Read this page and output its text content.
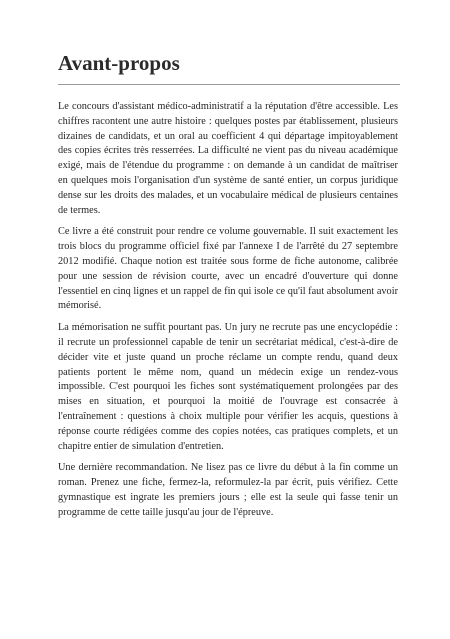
Avant-propos

Le concours d'assistant médico-administratif a la réputation d'être accessible. Les chiffres racontent une autre histoire : quelques postes par établissement, plusieurs dizaines de candidats, et un oral au coefficient 4 qui départage impitoyablement des copies écrites très resserrées. La difficulté ne vient pas du niveau académique exigé, mais de l'étendue du programme : on demande à un candidat de maîtriser en quelques mois l'organisation d'un système de santé entier, un corpus juridique dense sur les droits des malades, et un vocabulaire médical de plusieurs centaines de termes.

Ce livre a été construit pour rendre ce volume gouvernable. Il suit exactement les trois blocs du programme officiel fixé par l'annexe I de l'arrêté du 27 septembre 2012 modifié. Chaque notion est traitée sous forme de fiche autonome, calibrée pour une session de révision courte, avec un encadré d'ouverture qui donne l'essentiel en cinq lignes et un rappel de fin qui isole ce qu'il faut absolument avoir mémorisé.

La mémorisation ne suffit pourtant pas. Un jury ne recrute pas une encyclopédie : il recrute un professionnel capable de tenir un secrétariat médical, c'est-à-dire de décider vite et juste quand un proche réclame un compte rendu, quand deux patients portent le même nom, quand un médecin exige un rendez-vous impossible. C'est pourquoi les fiches sont systématiquement prolongées par des mises en situation, et pourquoi la moitié de l'ouvrage est consacrée à l'entraînement : questions à choix multiple pour vérifier les acquis, questions à réponse courte rédigées comme des copies notées, cas pratiques complets, et un chapitre entier de simulation d'entretien.

Une dernière recommandation. Ne lisez pas ce livre du début à la fin comme un roman. Prenez une fiche, fermez-la, reformulez-la par écrit, puis vérifiez. Cette gymnastique est ingrate les premiers jours ; elle est la seule qui fasse tenir un programme de cette taille jusqu'au jour de l'épreuve.
